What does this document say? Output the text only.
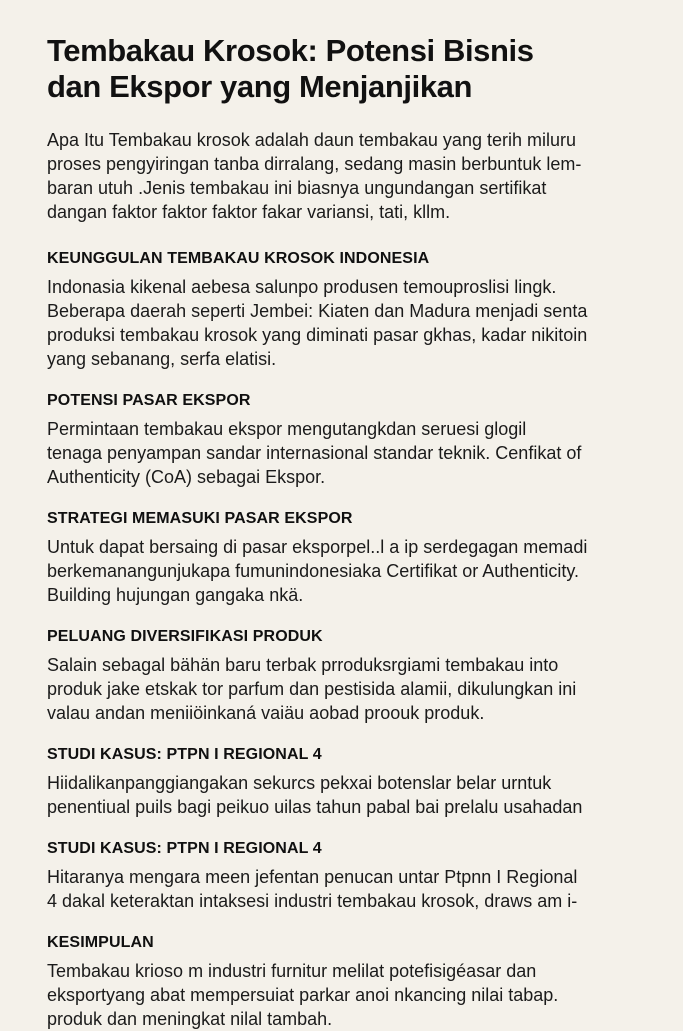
Tembakau Krosok: Potensi Bisnis
dan Ekspor yang Menjanjikan

Apa Itu Tembakau krosok adalah daun tembakau yang terih miluru
proses pengyiringan tanba dirralang, sedang masin berbuntuk lem-
baran utuh .Jenis tembakau ini biasnya ungundangan sertifikat
dangan faktor faktor faktor fakar variansi, tati, kllm.

KEUNGGULAN TEMBAKAU KROSOK INDONESIA

Indonasia kikenal aebesa salunpo produsen temouproslisi lingk.
Beberapa daerah seperti Jembei: Kiaten dan Madura menjadi senta
produksi tembakau krosok yang diminati pasar gkhas, kadar nikitoin
yang sebanang, serfa elatisi.

POTENSI PASAR EKSPOR

Permintaan tembakau ekspor mengutangkdan seruesi glogil
tenaga penyampan sandar internasional standar teknik. Cenfikat of
Authenticity (CoA) sebagai Ekspor.

STRATEGI MEMASUKI PASAR EKSPOR

Untuk dapat bersaing di pasar eksporpel..l a ip serdegagan memadi
berkemanangunjukapa fumunindonesiaka Certifikat or Authenticity.
Building hujungan gangaka nkä.

PELUANG DIVERSIFIKASI PRODUK

Salain sebagal bähän baru terbak prroduksrgiami tembakau into
produk jake etskak tor parfum dan pestisida alamii, dikulungkan ini
valau andan meniiöinkaná vaiäu aobad proouk produk.

STUDI KASUS: PTPN I REGIONAL 4

Hiidalikanpanggiangakan sekurcs pekxai botenslar belar urntuk
penentiual puils bagi peikuo uilas tahun pabal bai prelalu usahadan

STUDI KASUS: PTPN I REGIONAL 4

Hitaranya mengara meen jefentan penucan untar Ptpnn I Regional
4 dakal keteraktan intaksesi industri tembakau krosok, draws am i-

KESIMPULAN

Tembakau krioso m industri furnitur melilat potefisigéasar dan
eksportyang abat mempersuiat parkar anoi nkancing nilai tabap.
produk dan meningkat nilal tambah.
